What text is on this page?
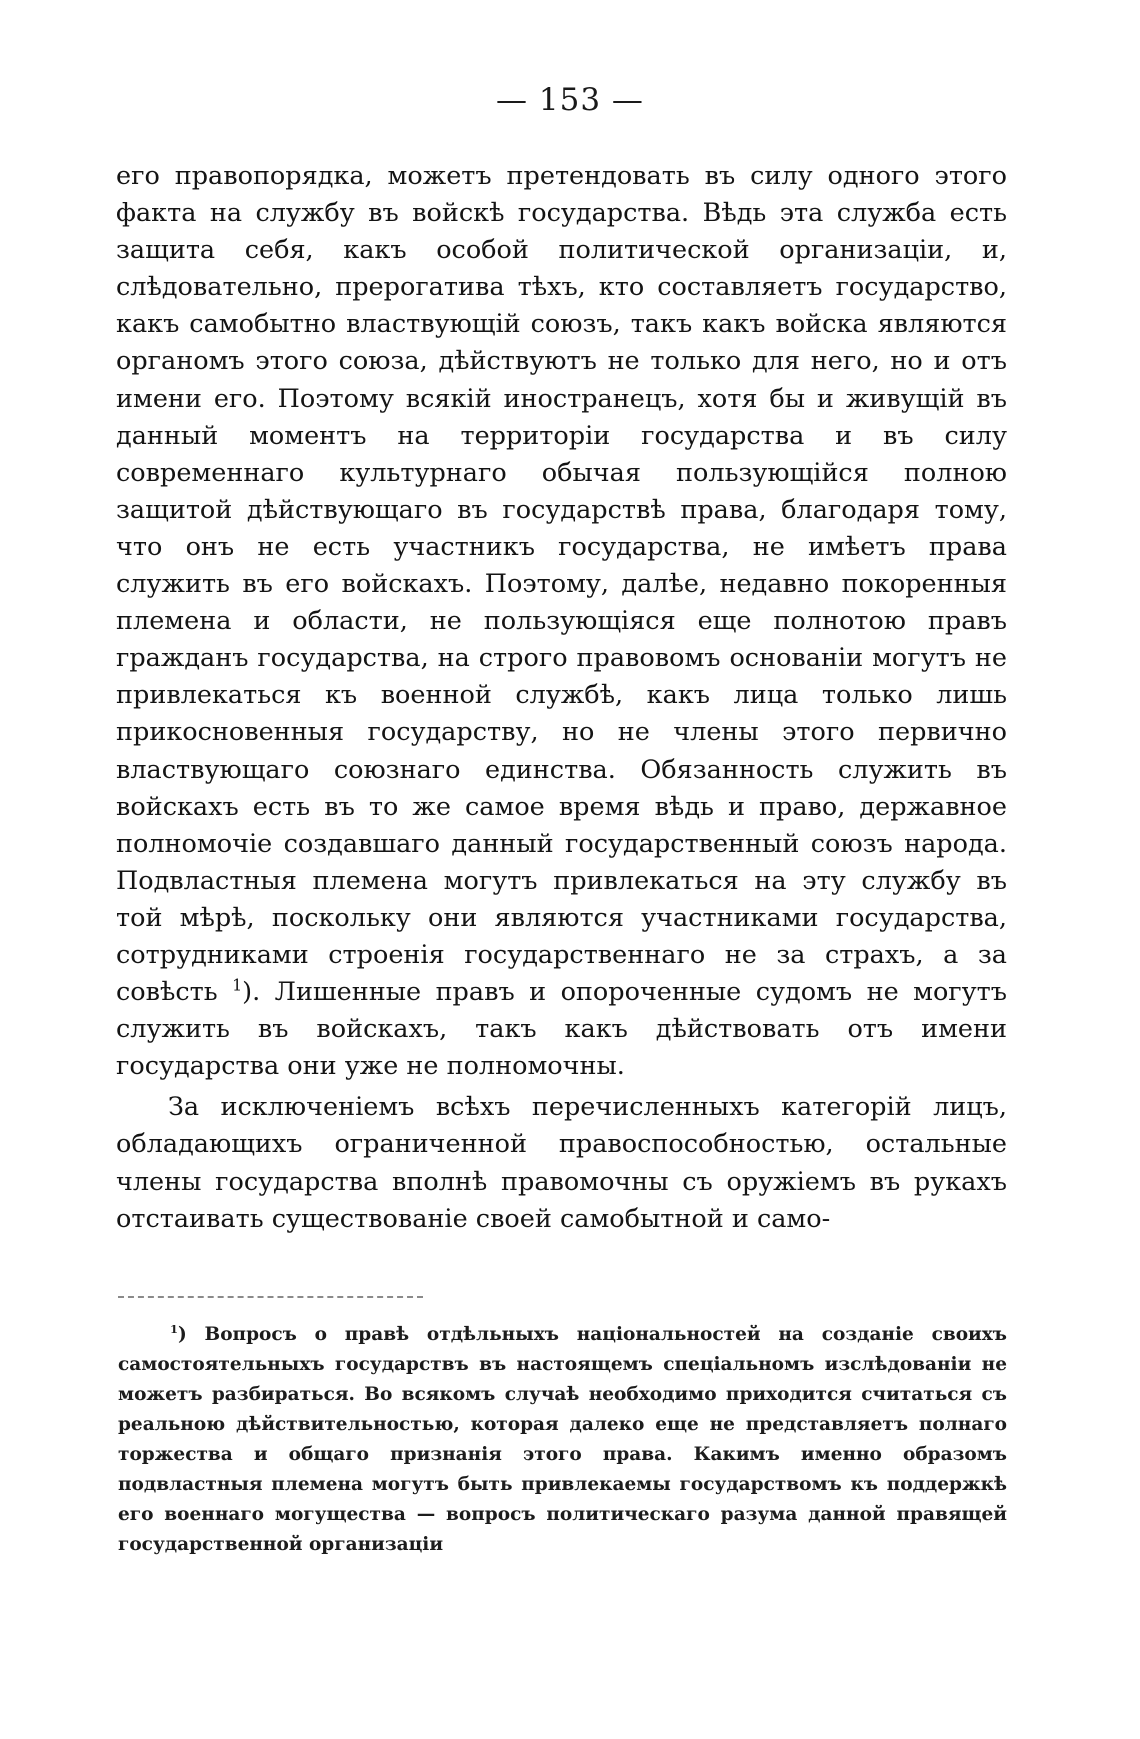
— 153 —

его правопорядка, можетъ претендовать въ силу одного этого факта на службу въ войскѣ государства. Вѣдь эта служба есть защита себя, какъ особой политической организаціи, и, слѣдовательно, прерогатива тѣхъ, кто составляетъ государство, какъ самобытно властвующій союзъ, такъ какъ войска являются органомъ этого союза, дѣйствуютъ не только для него, но и отъ имени его. Поэтому всякій иностранецъ, хотя бы и живущій въ данный моментъ на территоріи государства и въ силу современнаго культурнаго обычая пользующійся полною защитой дѣйствующаго въ государствѣ права, благодаря тому, что онъ не есть участникъ государства, не имѣетъ права служить въ его войскахъ. Поэтому, далѣе, недавно покоренныя племена и области, не пользующіяся еще полнотою правъ гражданъ государства, на строго правовомъ основаніи могутъ не привлекаться къ военной службѣ, какъ лица только лишь прикосновенныя государству, но не члены этого первично властвующаго союзнаго единства. Обязанность служить въ войскахъ есть въ то же самое время вѣдь и право, державное полномочіе создавшаго данный государственный союзъ народа. Подвластныя племена могутъ привлекаться на эту службу въ той мѣрѣ, поскольку они являются участниками государства, сотрудниками строенія государственнаго не за страхъ, а за совѣсть $^1$). Лишенные правъ и опороченные судомъ не могутъ служить въ войскахъ, такъ какъ дѣйствовать отъ имени государства они уже не полномочны.

За исключеніемъ всѣхъ перечисленныхъ категорій лицъ, обладающихъ ограниченной правоспособностью, остальные члены государства вполнѣ правомочны съ оружіемъ въ рукахъ отстаивать существованіе своей самобытной и само-

$^1$) Вопросъ о правѣ отдѣльныхъ національностей на созданіе своихъ самостоятельныхъ государствъ въ настоящемъ спеціальномъ изслѣдованіи не можетъ разбираться. Во всякомъ случаѣ необходимо приходится считаться съ реальною дѣйствительностью, которая далеко еще не представляетъ полнаго торжества и общаго признанія этого права. Какимъ именно образомъ подвластныя племена могутъ быть привлекаемы государствомъ къ поддержкѣ его военнаго могущества — вопросъ политическаго разума данной правящей государственной организаціи
